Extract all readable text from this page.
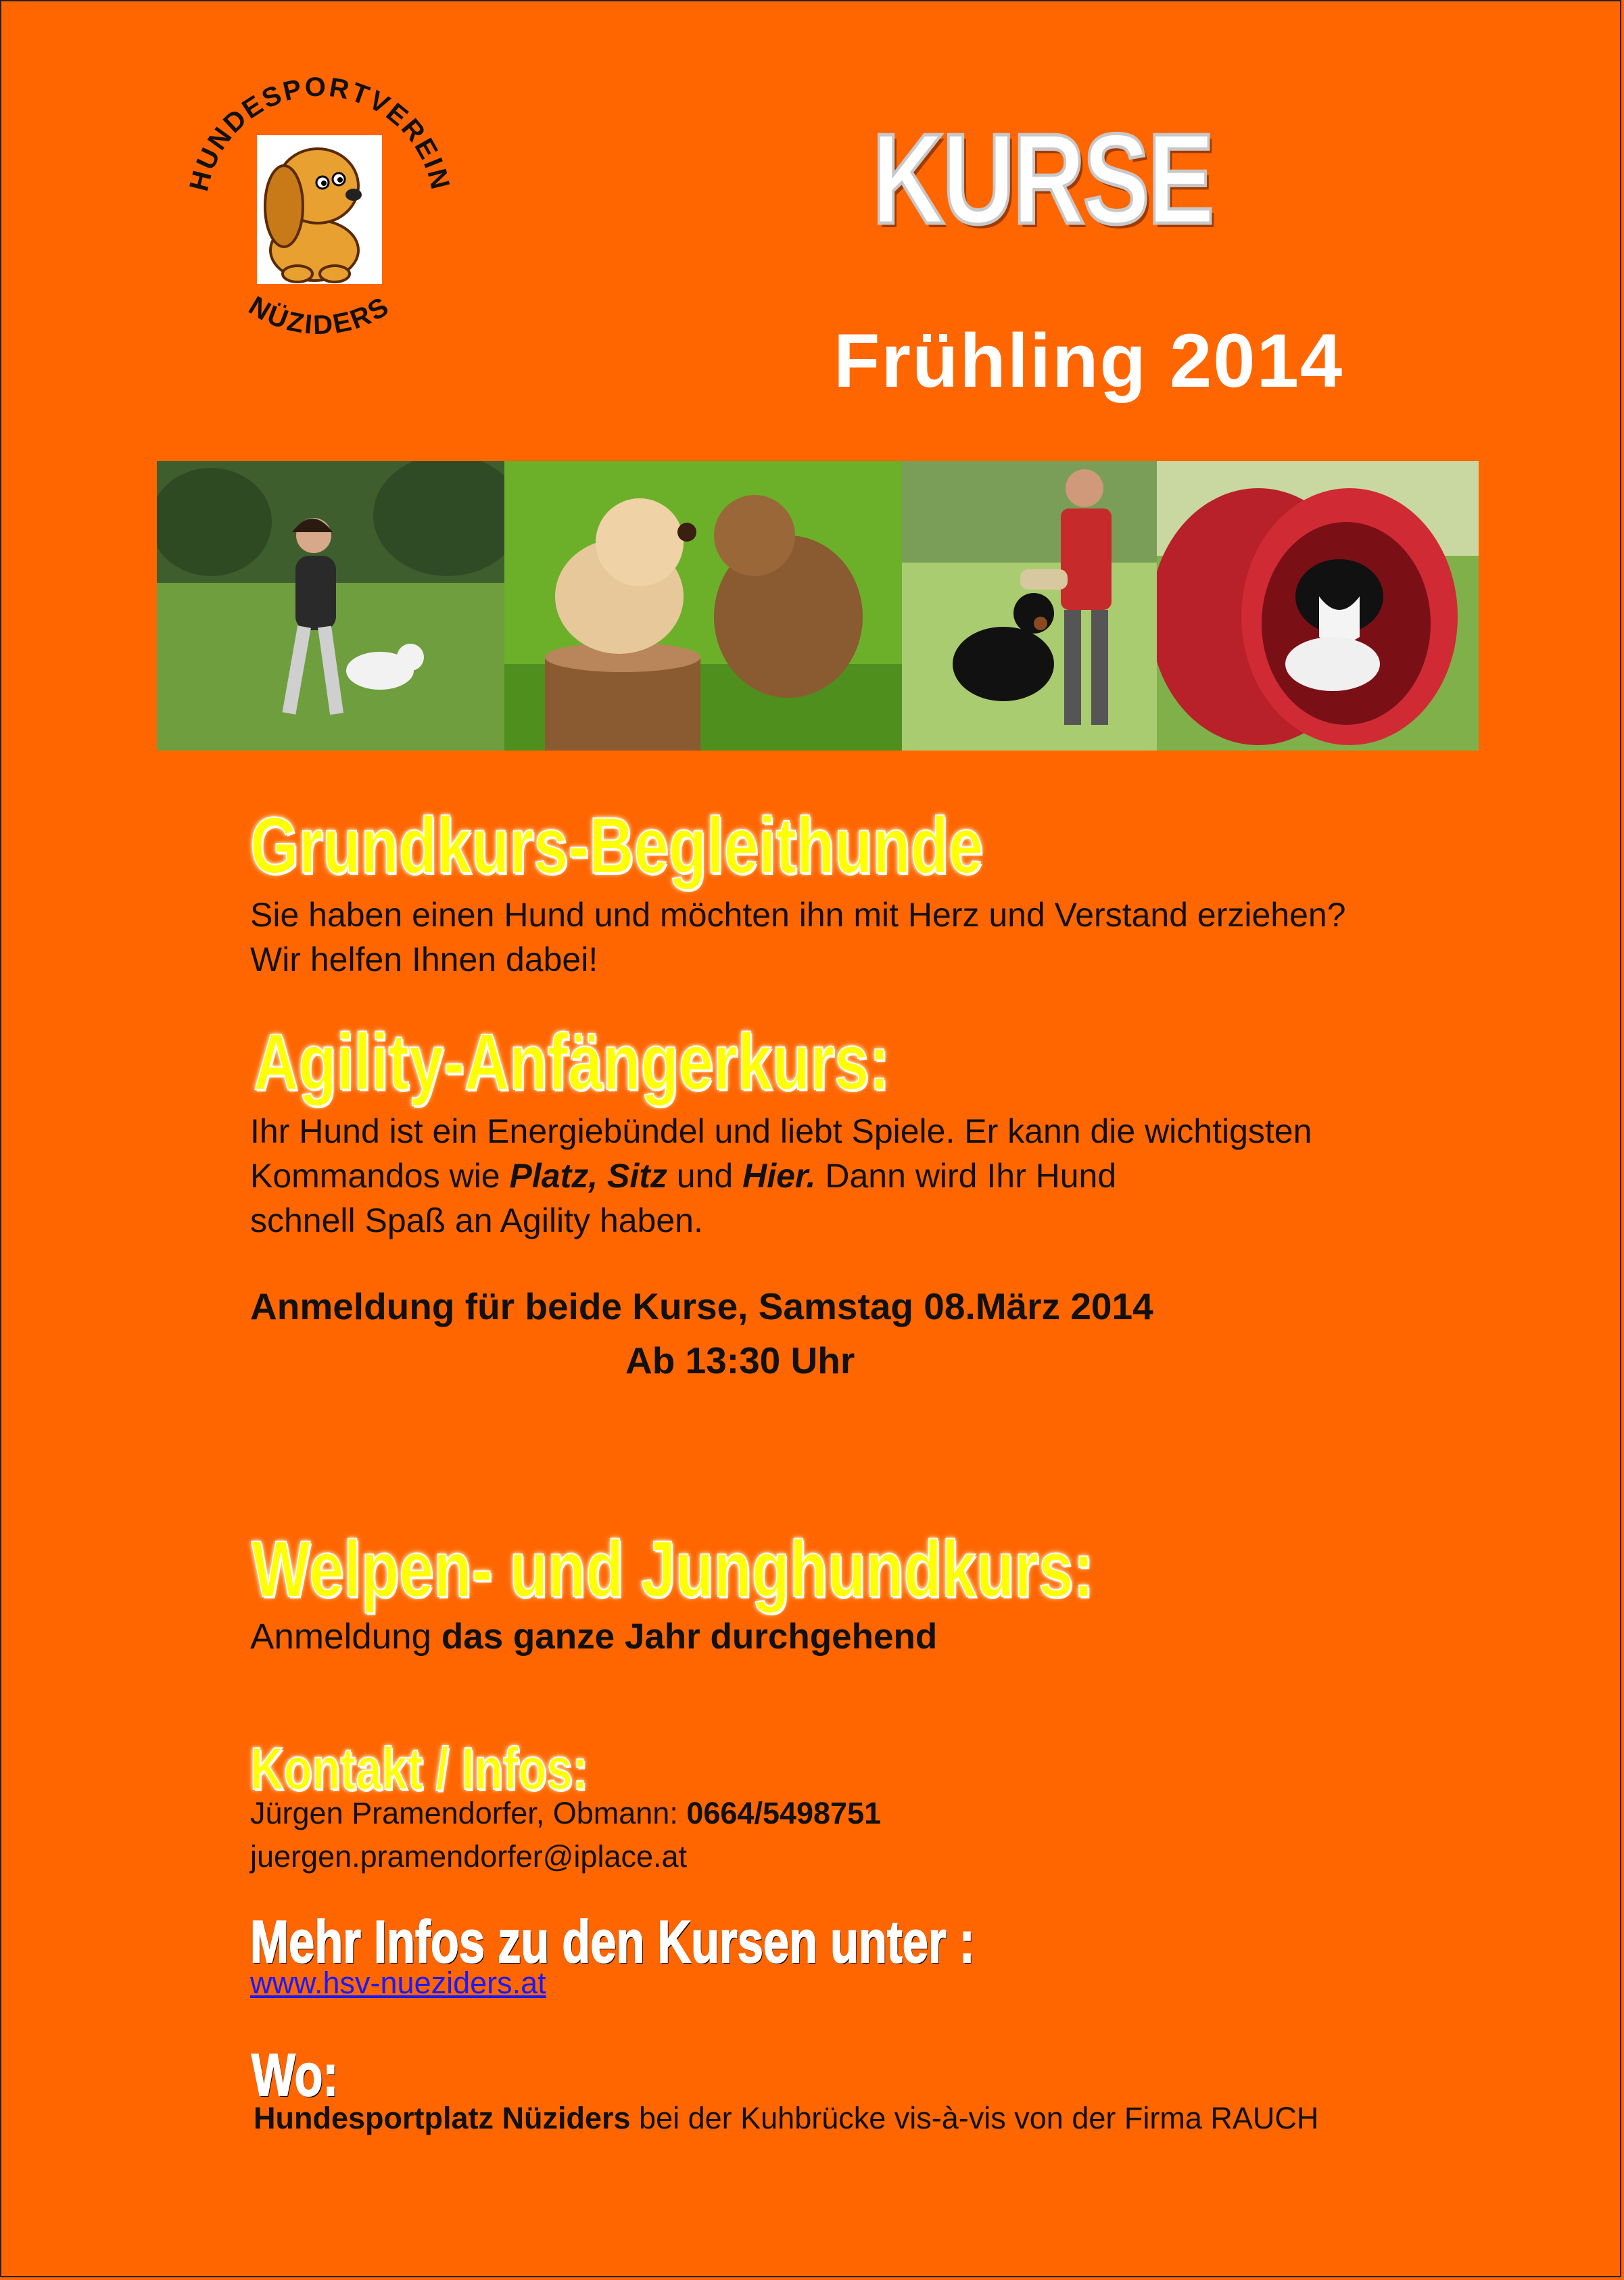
HUNDESPORTVEREIN
NÜZIDERS
KURSE
Frühling 2014
Grundkurs-Begleithunde
Sie haben einen Hund und möchten ihn mit Herz und Verstand erziehen?
Wir helfen Ihnen dabei!
Agility-Anfängerkurs:
Ihr Hund ist ein Energiebündel und liebt Spiele. Er kann die wichtigsten
Kommandos wie Platz, Sitz und Hier. Dann wird Ihr Hund
schnell Spaß an Agility haben.
Anmeldung für beide Kurse, Samstag 08.März 2014
Ab 13:30 Uhr
Welpen- und Junghundkurs:
Anmeldung das ganze Jahr durchgehend
Kontakt / Infos:
Jürgen Pramendorfer, Obmann: 0664/5498751
juergen.pramendorfer@iplace.at
Mehr Infos zu den Kursen unter :
www.hsv-nueziders.at
Wo:
Hundesportplatz Nüziders bei der Kuhbrücke vis-à-vis von der Firma RAUCH
